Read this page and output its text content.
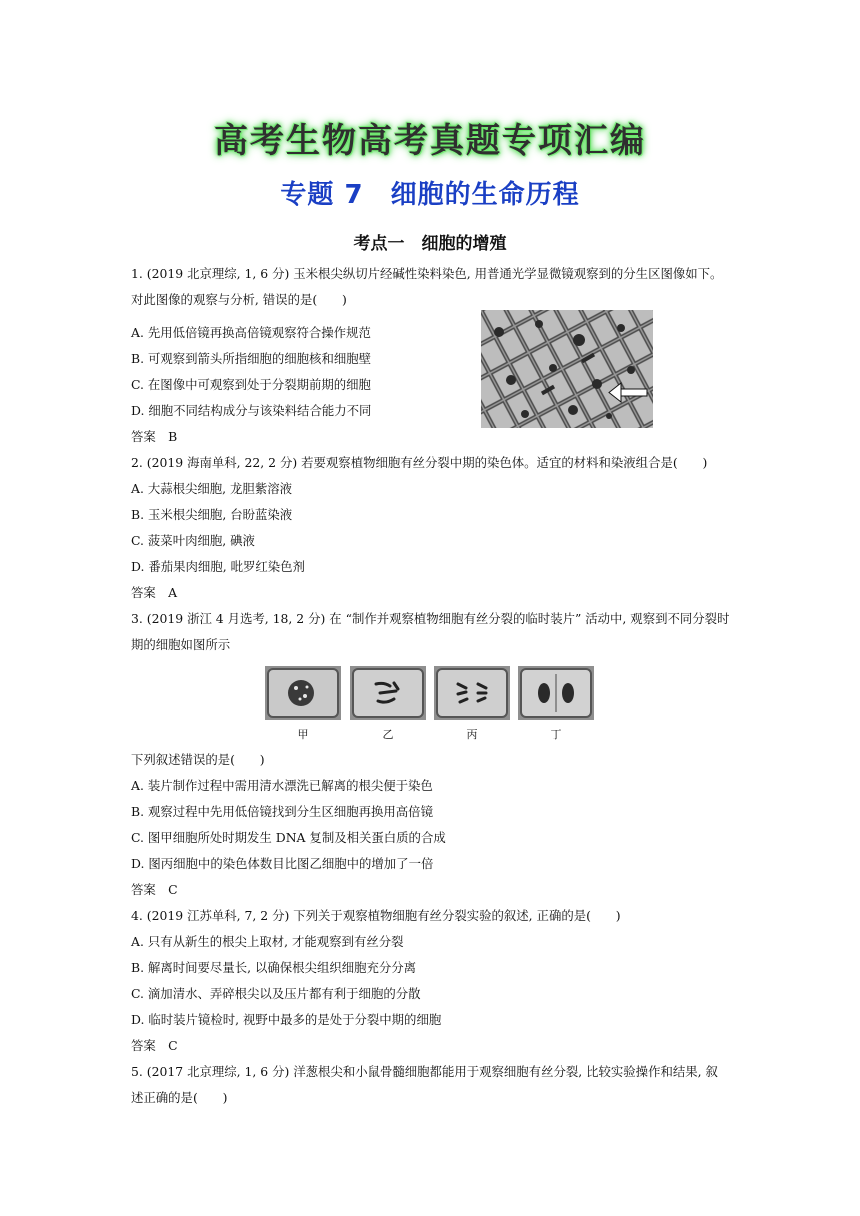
高考生物高考真题专项汇编
专题 7　细胞的生命历程
考点一　细胞的增殖
1. (2019 北京理综, 1, 6 分) 玉米根尖纵切片经碱性染料染色, 用普通光学显微镜观察到的分生区图像如下。
对此图像的观察与分析, 错误的是(　　)
A. 先用低倍镜再换高倍镜观察符合操作规范
B. 可观察到箭头所指细胞的细胞核和细胞壁
C. 在图像中可观察到处于分裂期前期的细胞
D. 细胞不同结构成分与该染料结合能力不同
答案　B
2. (2019 海南单科, 22, 2 分) 若要观察植物细胞有丝分裂中期的染色体。适宜的材料和染液组合是(　　)
A. 大蒜根尖细胞, 龙胆紫溶液
B. 玉米根尖细胞, 台盼蓝染液
C. 菠菜叶肉细胞, 碘液
D. 番茄果肉细胞, 吡罗红染色剂
答案　A
3. (2019 浙江 4 月选考, 18, 2 分) 在 “制作并观察植物细胞有丝分裂的临时装片” 活动中, 观察到不同分裂时
期的细胞如图所示
甲	乙	丙	丁
下列叙述错误的是(　　)
A. 装片制作过程中需用清水漂洗已解离的根尖便于染色
B. 观察过程中先用低倍镜找到分生区细胞再换用高倍镜
C. 图甲细胞所处时期发生 DNA 复制及相关蛋白质的合成
D. 图丙细胞中的染色体数目比图乙细胞中的增加了一倍
答案　C
4. (2019 江苏单科, 7, 2 分) 下列关于观察植物细胞有丝分裂实验的叙述, 正确的是(　　)
A. 只有从新生的根尖上取材, 才能观察到有丝分裂
B. 解离时间要尽量长, 以确保根尖组织细胞充分分离
C. 滴加清水、弄碎根尖以及压片都有利于细胞的分散
D. 临时装片镜检时, 视野中最多的是处于分裂中期的细胞
答案　C
5. (2017 北京理综, 1, 6 分) 洋葱根尖和小鼠骨髓细胞都能用于观察细胞有丝分裂, 比较实验操作和结果, 叙
述正确的是(　　)
